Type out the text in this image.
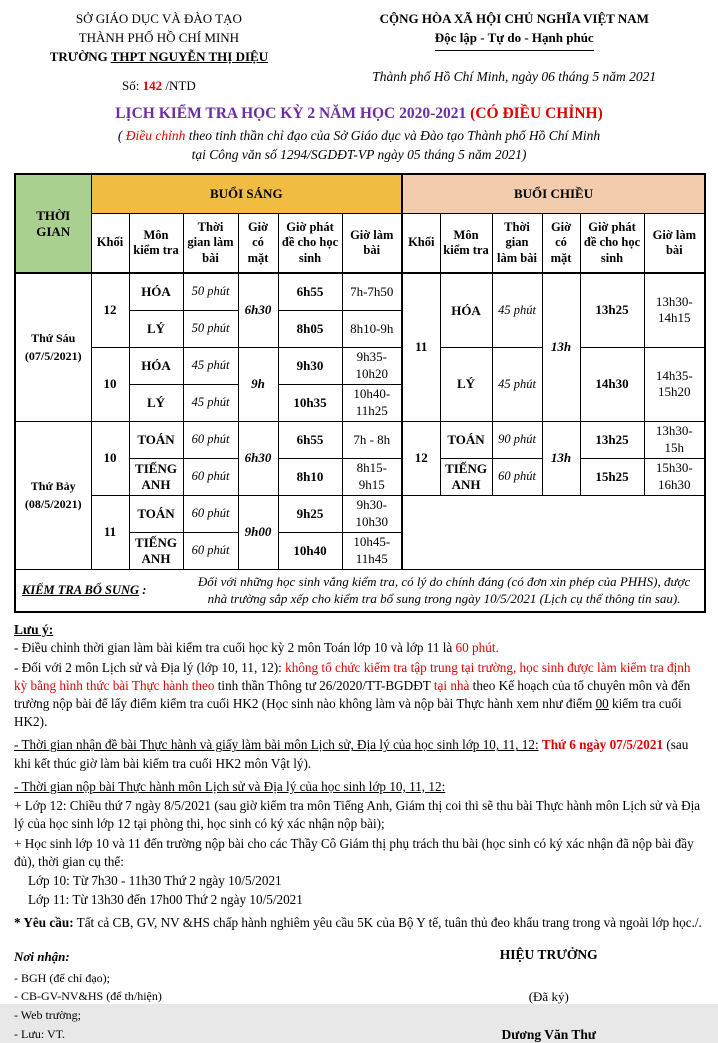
SỞ GIÁO DỤC VÀ ĐÀO TẠO
THÀNH PHỐ HỒ CHÍ MINH
TRƯỜNG THPT NGUYỄN THỊ DIỆU
Số: 142 /NTD
CỘNG HÒA XÃ HỘI CHỦ NGHĨA VIỆT NAM
Độc lập - Tự do - Hạnh phúc
Thành phố Hồ Chí Minh, ngày 06 tháng 5 năm 2021
LỊCH KIỂM TRA HỌC KỲ 2 NĂM HỌC 2020-2021 (CÓ ĐIỀU CHỈNH)
( Điều chỉnh theo tinh thần chỉ đạo của Sở Giáo dục và Đào tạo Thành phố Hồ Chí Minh
tại Công văn số 1294/SGDĐT-VP ngày 05 tháng 5 năm 2021)
THỜI GIAN	BUỔI SÁNG						BUỔI CHIỀU					
	Khối	Môn kiểm tra	Thời gian làm bài	Giờ có mặt	Giờ phát đề cho học sinh	Giờ làm bài	Khối	Môn kiểm tra	Thời gian làm bài	Giờ có mặt	Giờ phát đề cho học sinh	Giờ làm bài

Thứ Sáu
(07/5/2021)	12	HÓA	50 phút	6h30	6h55	7h-7h50	11	HÓA	45 phút	13h	13h25	13h30-14h15
		LÝ	50 phút		8h05	8h10-9h						
	10	HÓA	45 phút	9h	9h30	9h35-10h20		LÝ	45 phút		14h30	14h35-15h20
		LÝ	45 phút		10h35	10h40-11h25						

Thứ Bảy
(08/5/2021)	10	TOÁN	60 phút	6h30	6h55	7h - 8h	12	TOÁN	90 phút	13h	13h25	13h30-15h
		TIẾNG ANH	60 phút		8h10	8h15-9h15		TIẾNG ANH	60 phút		15h25	15h30-16h30
	11	TOÁN	60 phút	9h00	9h25	9h30-10h30						
		TIẾNG ANH	60 phút		10h40	10h45-11h45						

KIỂM TRA BỔ SUNG :
Đối với những học sinh vắng kiểm tra, có lý do chính đáng (có đơn xin phép của PHHS), được nhà trường sắp xếp cho kiểm tra bổ sung trong ngày 10/5/2021 (Lịch cụ thể thông tin sau).												
Lưu ý:

- Điều chỉnh thời gian làm bài kiểm tra cuối học kỳ 2 môn Toán lớp 10 và lớp 11 là 60 phút.

- Đối với 2 môn Lịch sử và Địa lý (lớp 10, 11, 12): không tổ chức kiểm tra tập trung tại trường, học sinh được làm kiểm tra định kỳ bằng hình thức bài Thực hành theo tinh thần Thông tư 26/2020/TT-BGDĐT tại nhà theo Kế hoạch của tổ chuyên môn và đến trường nộp bài để lấy điểm kiểm tra cuối HK2 (Học sinh nào không làm và nộp bài Thực hành xem như điểm 00 kiểm tra cuối HK2).

- Thời gian nhận đề bài Thực hành và giấy làm bài môn Lịch sử, Địa lý của học sinh lớp 10, 11, 12: Thứ 6 ngày 07/5/2021 (sau khi kết thúc giờ làm bài kiểm tra cuối HK2 môn Vật lý).

- Thời gian nộp bài Thực hành môn Lịch sử và Địa lý của học sinh lớp 10, 11, 12:

+ Lớp 12: Chiều thứ 7 ngày 8/5/2021 (sau giờ kiểm tra môn Tiếng Anh, Giám thị coi thi sẽ thu bài Thực hành môn Lịch sử và Địa lý của học sinh lớp 12 tại phòng thi, học sinh có ký xác nhận nộp bài);

+ Học sinh lớp 10 và 11 đến trường nộp bài cho các Thầy Cô Giám thị phụ trách thu bài (học sinh có ký xác nhận đã nộp bài đầy đủ), thời gian cụ thể:

Lớp 10: Từ 7h30 - 11h30 Thứ 2 ngày 10/5/2021

Lớp 11: Từ 13h30 đến 17h00 Thứ 2 ngày 10/5/2021

* Yêu cầu: Tất cả CB, GV, NV &HS chấp hành nghiêm yêu cầu 5K của Bộ Y tế, tuân thủ đeo khẩu trang trong và ngoài lớp học./.

Nơi nhận:
- BGH (để chỉ đạo);
- CB-GV-NV&HS (để th/hiện)
- Web trường;
- Lưu: VT.
HIỆU TRƯỞNG
(Đã ký)
Dương Văn Thư
